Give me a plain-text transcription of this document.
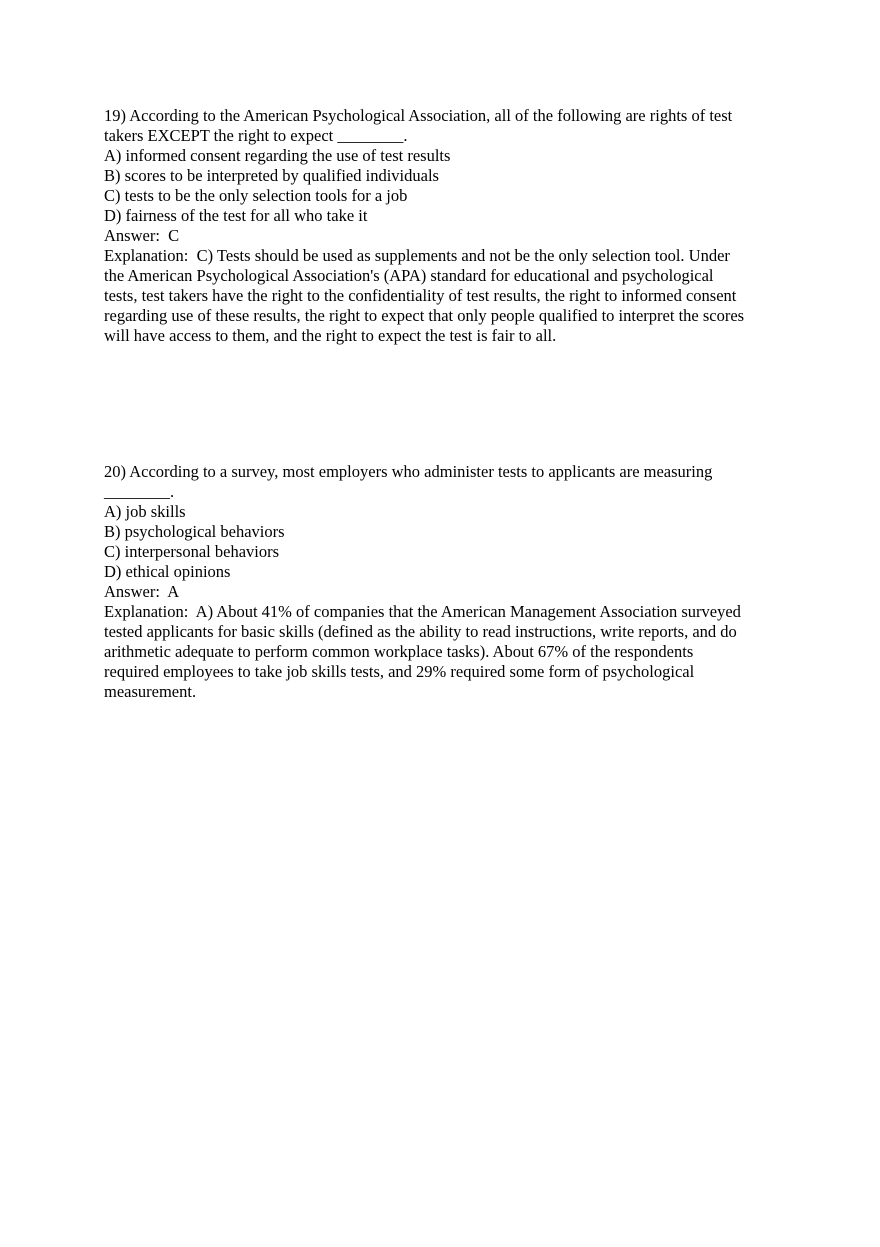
19) According to the American Psychological Association, all of the following are rights of test
takers EXCEPT the right to expect ________.
A) informed consent regarding the use of test results
B) scores to be interpreted by qualified individuals
C) tests to be the only selection tools for a job
D) fairness of the test for all who take it
Answer:  C
Explanation:  C) Tests should be used as supplements and not be the only selection tool. Under
the American Psychological Association's (APA) standard for educational and psychological
tests, test takers have the right to the confidentiality of test results, the right to informed consent
regarding use of these results, the right to expect that only people qualified to interpret the scores
will have access to them, and the right to expect the test is fair to all.
20) According to a survey, most employers who administer tests to applicants are measuring
________.
A) job skills
B) psychological behaviors
C) interpersonal behaviors
D) ethical opinions
Answer:  A
Explanation:  A) About 41% of companies that the American Management Association surveyed
tested applicants for basic skills (defined as the ability to read instructions, write reports, and do
arithmetic adequate to perform common workplace tasks). About 67% of the respondents
required employees to take job skills tests, and 29% required some form of psychological
measurement.
